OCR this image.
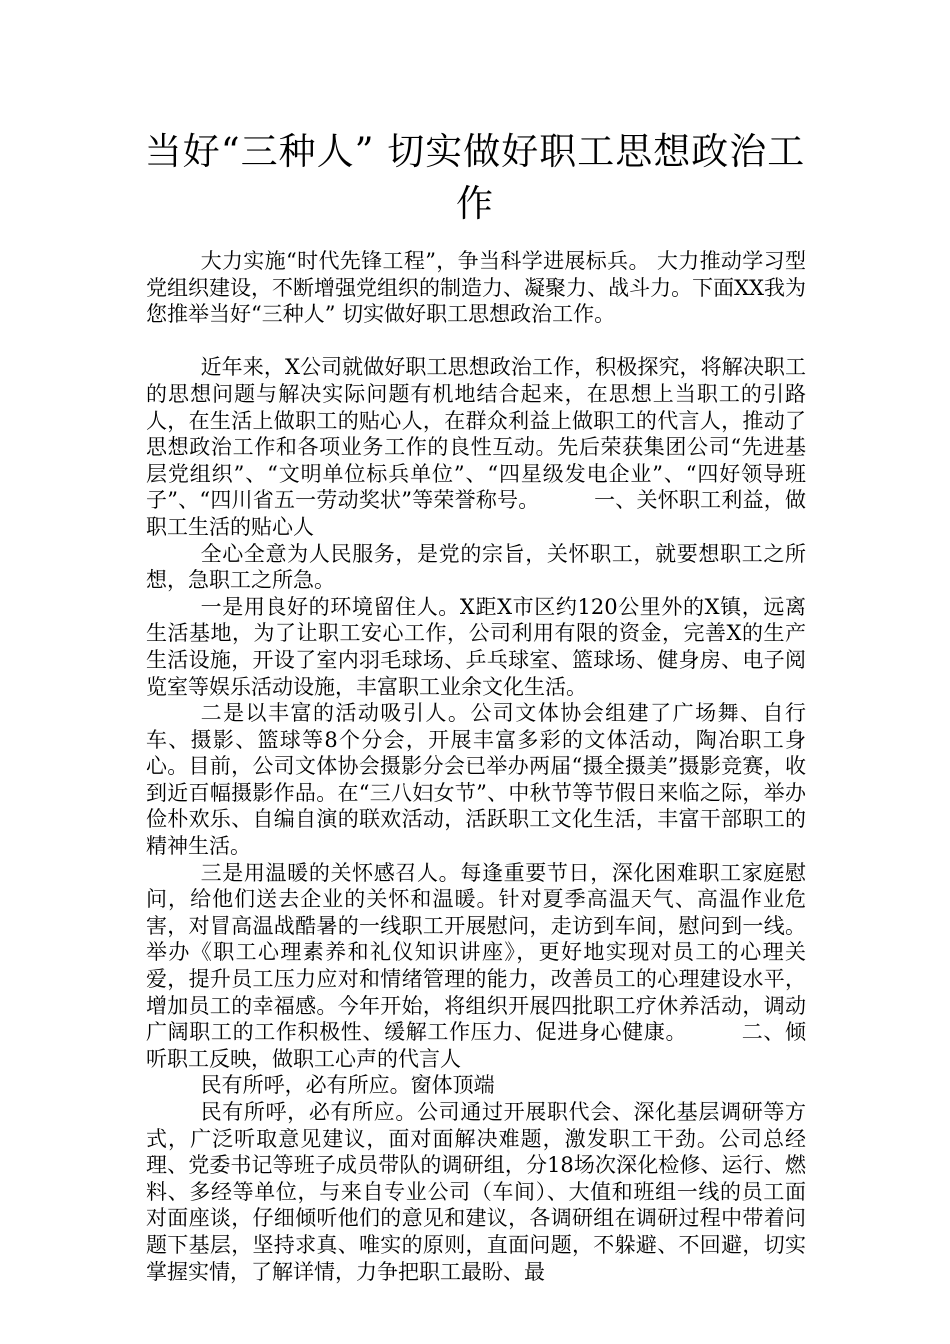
当好“三种人” 切实做好职工思想政治工
作

大力实施“时代先锋工程”，争当科学进展标兵。 大力推动学习型党组织建设，不断增强党组织的制造力、凝聚力、战斗力。下面XX我为您推举当好“三种人” 切实做好职工思想政治工作。

近年来，X公司就做好职工思想政治工作，积极探究，将解决职工的思想问题与解决实际问题有机地结合起来，在思想上当职工的引路人，在生活上做职工的贴心人，在群众利益上做职工的代言人，推动了思想政治工作和各项业务工作的良性互动。先后荣获集团公司“先进基层党组织”、“文明单位标兵单位”、“四星级发电企业”、“四好领导班子”、“四川省五一劳动奖状”等荣誉称号。	一、关怀职工利益，做职工生活的贴心人

全心全意为人民服务，是党的宗旨，关怀职工，就要想职工之所想，急职工之所急。

一是用良好的环境留住人。X距X市区约120公里外的X镇，远离生活基地，为了让职工安心工作，公司利用有限的资金，完善X的生产生活设施，开设了室内羽毛球场、乒乓球室、篮球场、健身房、电子阅览室等娱乐活动设施，丰富职工业余文化生活。

二是以丰富的活动吸引人。公司文体协会组建了广场舞、自行车、摄影、篮球等8个分会，开展丰富多彩的文体活动，陶冶职工身心。目前，公司文体协会摄影分会已举办两届“摄全摄美”摄影竞赛，收到近百幅摄影作品。在“三八妇女节”、中秋节等节假日来临之际，举办俭朴欢乐、自编自演的联欢活动，活跃职工文化生活，丰富干部职工的精神生活。

三是用温暖的关怀感召人。每逢重要节日，深化困难职工家庭慰问，给他们送去企业的关怀和温暖。针对夏季高温天气、高温作业危害，对冒高温战酷暑的一线职工开展慰问，走访到车间，慰问到一线。举办《职工心理素养和礼仪知识讲座》，更好地实现对员工的心理关爱，提升员工压力应对和情绪管理的能力，改善员工的心理建设水平，增加员工的幸福感。今年开始，将组织开展四批职工疗休养活动，调动广阔职工的工作积极性、缓解工作压力、促进身心健康。	二、倾听职工反映，做职工心声的代言人

民有所呼，必有所应。窗体顶端

民有所呼，必有所应。公司通过开展职代会、深化基层调研等方式，广泛听取意见建议，面对面解决难题，激发职工干劲。公司总经理、党委书记等班子成员带队的调研组，分18场次深化检修、运行、燃料、多经等单位，与来自专业公司（车间）、大值和班组一线的员工面对面座谈，仔细倾听他们的意见和建议，各调研组在调研过程中带着问题下基层，坚持求真、唯实的原则，直面问题，不躲避、不回避，切实掌握实情，了解详情，力争把职工最盼、最
